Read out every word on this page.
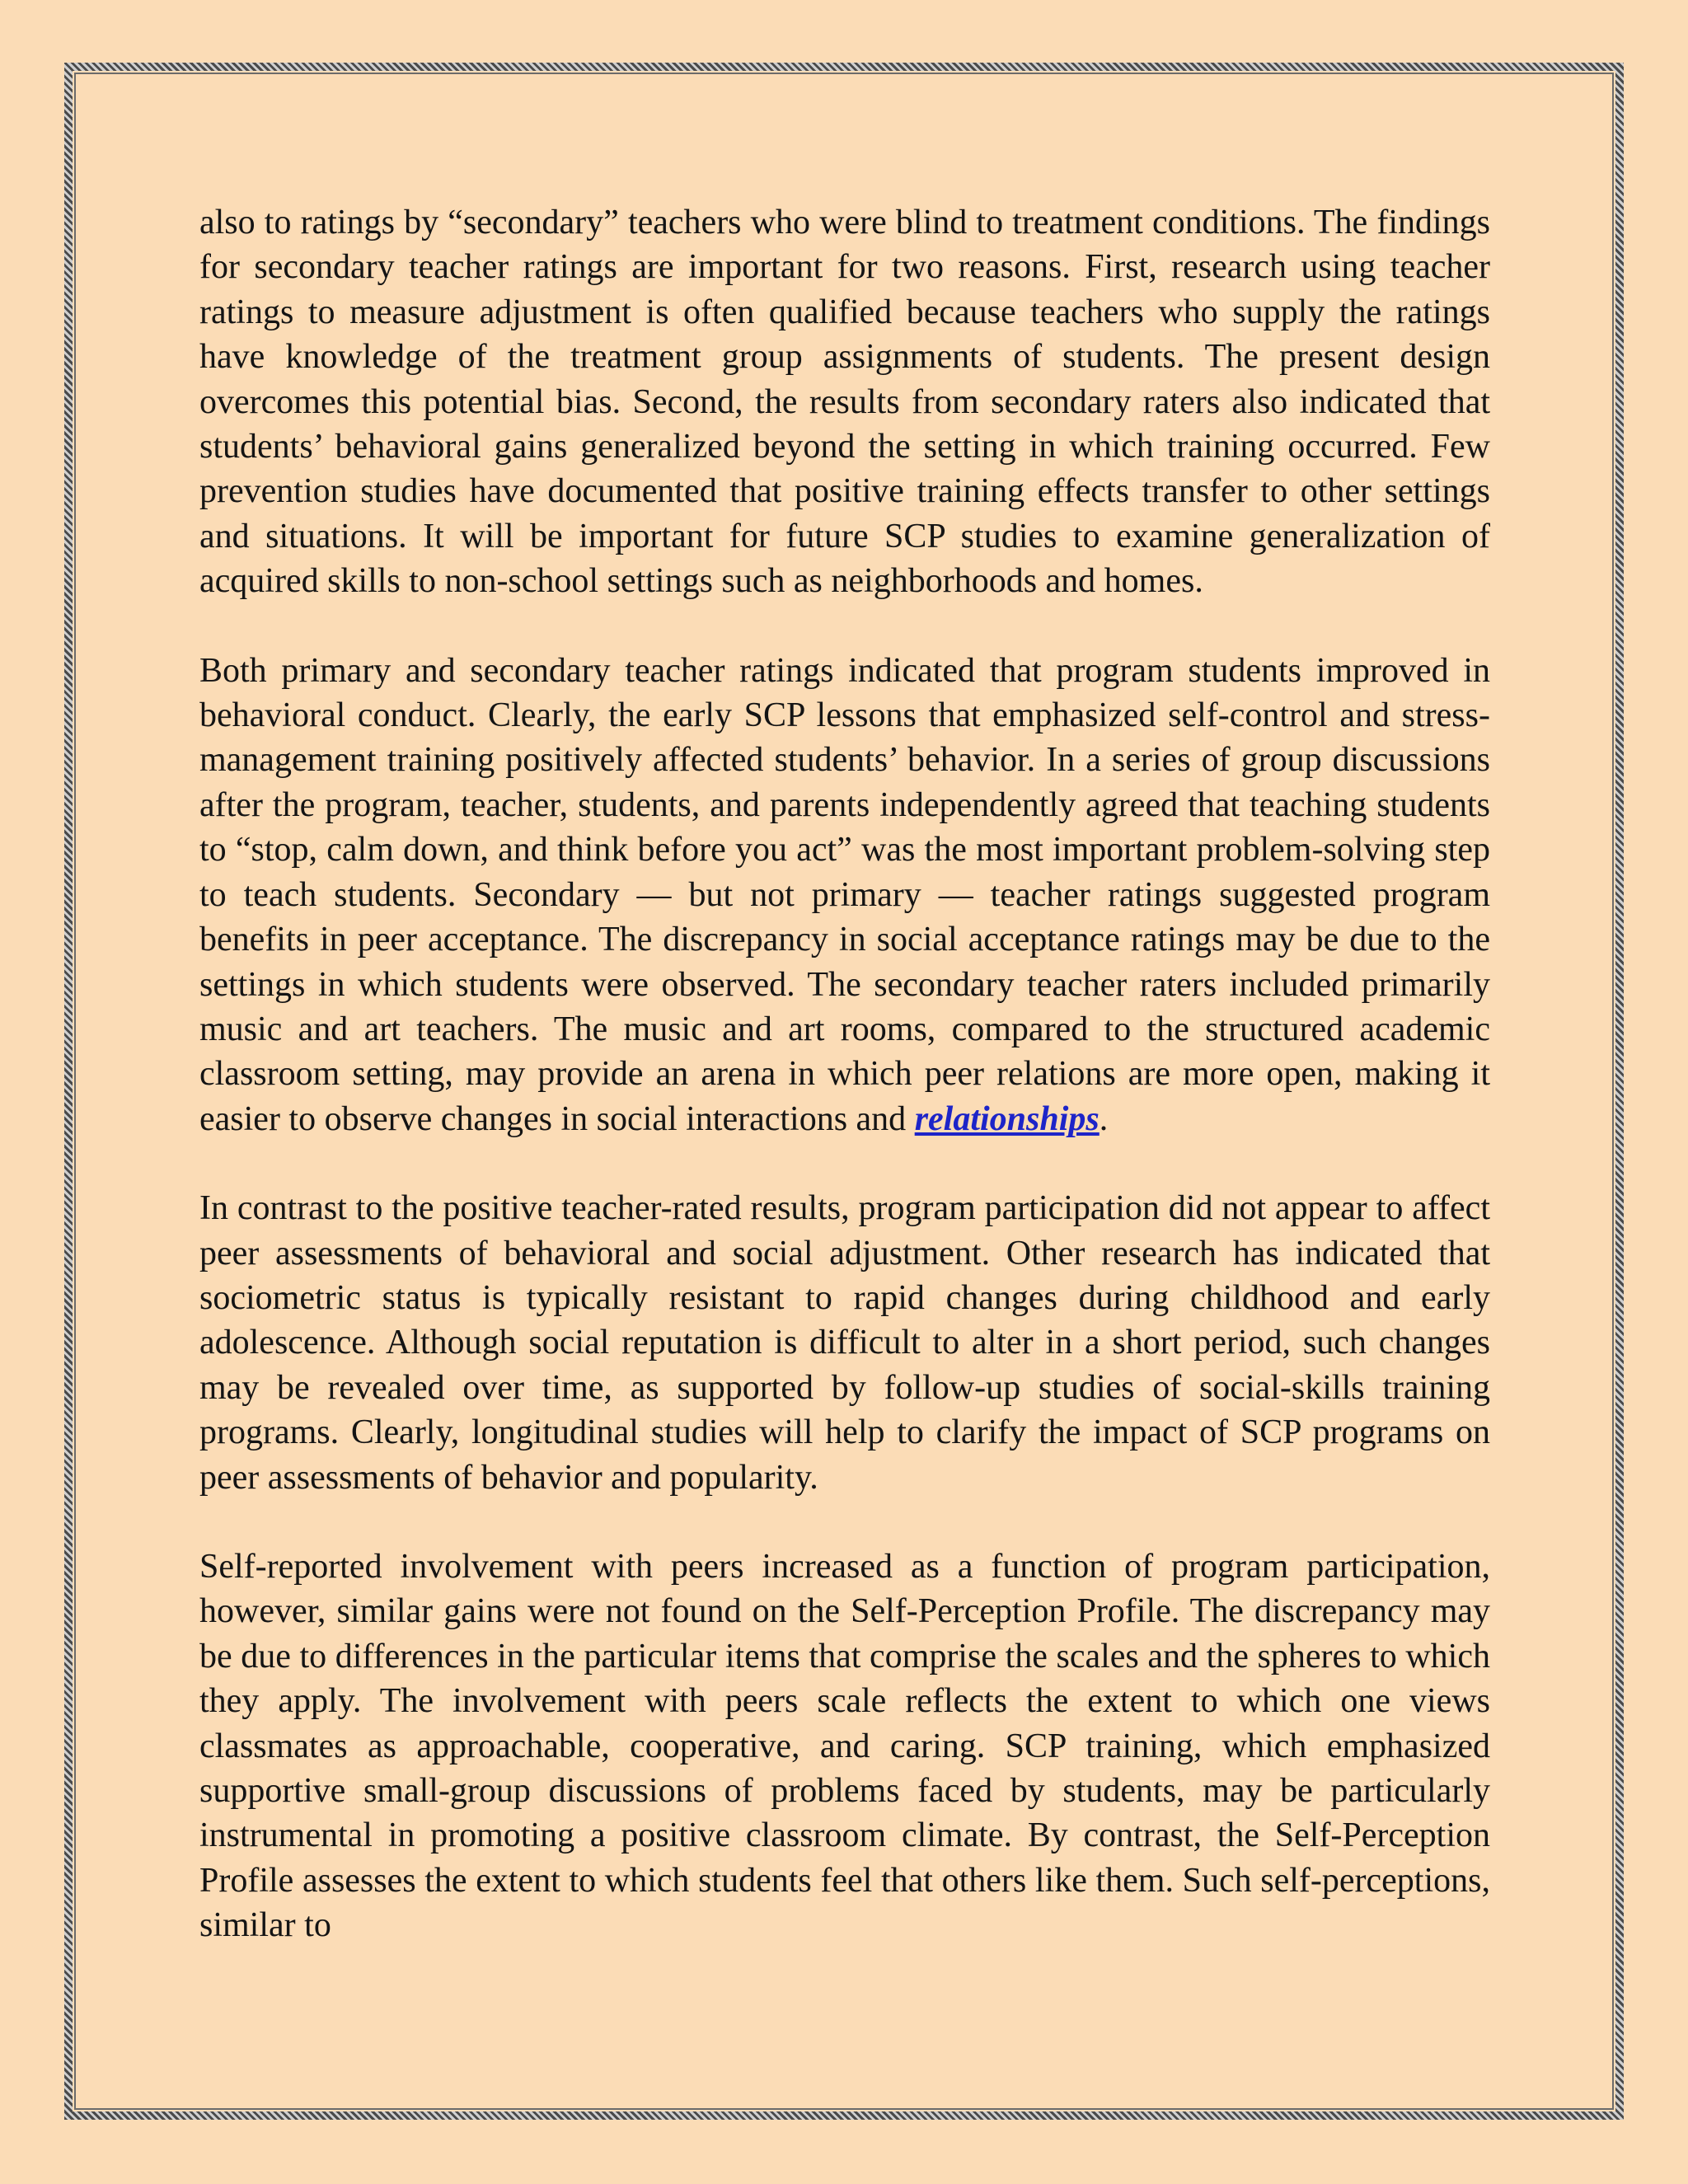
also to ratings by “secondary” teachers who were blind to treatment conditions. The findings for secondary teacher ratings are important for two reasons. First, research using teacher ratings to measure adjustment is often qualified because teachers who supply the ratings have knowledge of the treatment group assignments of students. The present design overcomes this potential bias. Second, the results from secondary raters also indicated that students’ behavioral gains generalized beyond the setting in which training occurred. Few prevention studies have documented that positive training effects transfer to other settings and situations. It will be important for future SCP studies to examine generalization of acquired skills to non-school settings such as neighborhoods and homes.

Both primary and secondary teacher ratings indicated that program students improved in behavioral conduct. Clearly, the early SCP lessons that emphasized self-control and stress-management training positively affected students’ behavior. In a series of group discussions after the program, teacher, students, and parents independently agreed that teaching students to “stop, calm down, and think before you act” was the most important problem-solving step to teach students. Secondary — but not primary — teacher ratings suggested program benefits in peer acceptance. The discrepancy in social acceptance ratings may be due to the settings in which students were observed. The secondary teacher raters included primarily music and art teachers. The music and art rooms, compared to the structured academic classroom setting, may provide an arena in which peer relations are more open, making it easier to observe changes in social interactions and relationships.

In contrast to the positive teacher-rated results, program participation did not appear to affect peer assessments of behavioral and social adjustment. Other research has indicated that sociometric status is typically resistant to rapid changes during childhood and early adolescence. Although social reputation is difficult to alter in a short period, such changes may be revealed over time, as supported by follow-up studies of social-skills training programs. Clearly, longitudinal studies will help to clarify the impact of SCP programs on peer assessments of behavior and popularity.

Self-reported involvement with peers increased as a function of program participation, however, similar gains were not found on the Self-Perception Profile. The discrepancy may be due to differences in the particular items that comprise the scales and the spheres to which they apply. The involvement with peers scale reflects the extent to which one views classmates as approachable, cooperative, and caring. SCP training, which emphasized supportive small-group discussions of problems faced by students, may be particularly instrumental in promoting a positive classroom climate. By contrast, the Self-Perception Profile assesses the extent to which students feel that others like them. Such self-perceptions, similar to
